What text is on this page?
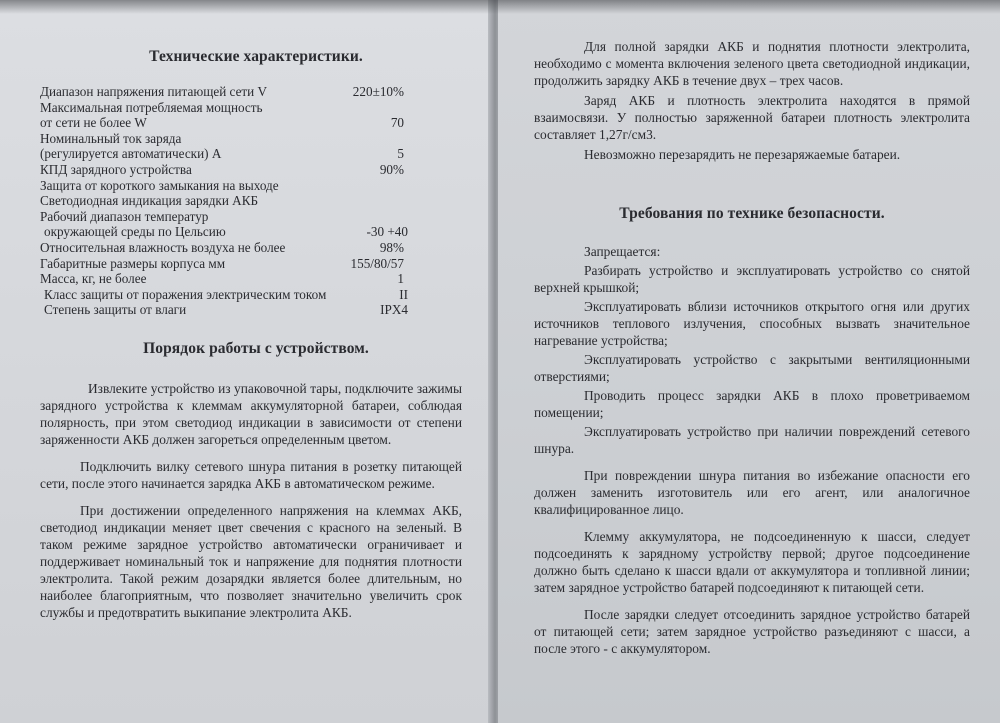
Технические характеристики.
Диапазон напряжения питающей сети V	220±10%
Максимальная потребляемая мощность
от сети не более W	70
Номинальный ток заряда
(регулируется автоматически) А	5
КПД зарядного устройства	90%
Защита от короткого замыкания на выходе
Светодиодная индикация зарядки АКБ
Рабочий диапазон температур
окружающей среды по Цельсию	-30 +40
Относительная влажность воздуха не более	98%
Габаритные размеры корпуса мм	155/80/57
Масса, кг, не более	1
Класс защиты от поражения электрическим током	II
Степень защиты от влаги	IPX4
Порядок работы с устройством.

Извлеките устройство из упаковочной тары, подключите зажимы зарядного устройства к клеммам аккумуляторной батареи, соблюдая полярность, при этом светодиод индикации в зависимости от степени заряженности АКБ должен загореться определенным цветом.

Подключить вилку сетевого шнура питания в розетку питающей сети, после этого начинается зарядка АКБ в автоматическом режиме.

При достижении определенного напряжения на клеммах АКБ, светодиод индикации меняет цвет свечения с красного на зеленый. В таком режиме зарядное устройство автоматически ограничивает и поддерживает номинальный ток и напряжение для поднятия плотности электролита. Такой режим дозарядки является более длительным, но наиболее благоприятным, что позволяет значительно увеличить срок службы и предотвратить выкипание электролита АКБ.

Для полной зарядки АКБ и поднятия плотности электролита, необходимо с момента включения зеленого цвета светодиодной индикации, продолжить зарядку АКБ в течение двух – трех часов.

Заряд АКБ и плотность электролита находятся в прямой взаимосвязи. У полностью заряженной батареи плотность электролита составляет 1,27г/см3.

Невозможно перезарядить не перезаряжаемые батареи.

Требования по технике безопасности.

Запрещается:

Разбирать устройство и эксплуатировать устройство со снятой верхней крышкой;

Эксплуатировать вблизи источников открытого огня или других источников теплового излучения, способных вызвать значительное нагревание устройства;

Эксплуатировать устройство с закрытыми вентиляционными отверстиями;

Проводить процесс зарядки АКБ в плохо проветриваемом помещении;

Эксплуатировать устройство при наличии повреждений сетевого шнура.

При повреждении шнура питания во избежание опасности его должен заменить изготовитель или его агент, или аналогичное квалифицированное лицо.

Клемму аккумулятора, не подсоединенную к шасси, следует подсоединять к зарядному устройству первой; другое подсоединение должно быть сделано к шасси вдали от аккумулятора и топливной линии; затем зарядное устройство батарей подсоединяют к питающей сети.

После зарядки следует отсоединить зарядное устройство батарей от питающей сети; затем зарядное устройство разъединяют с шасси, а после этого - с аккумулятором.
